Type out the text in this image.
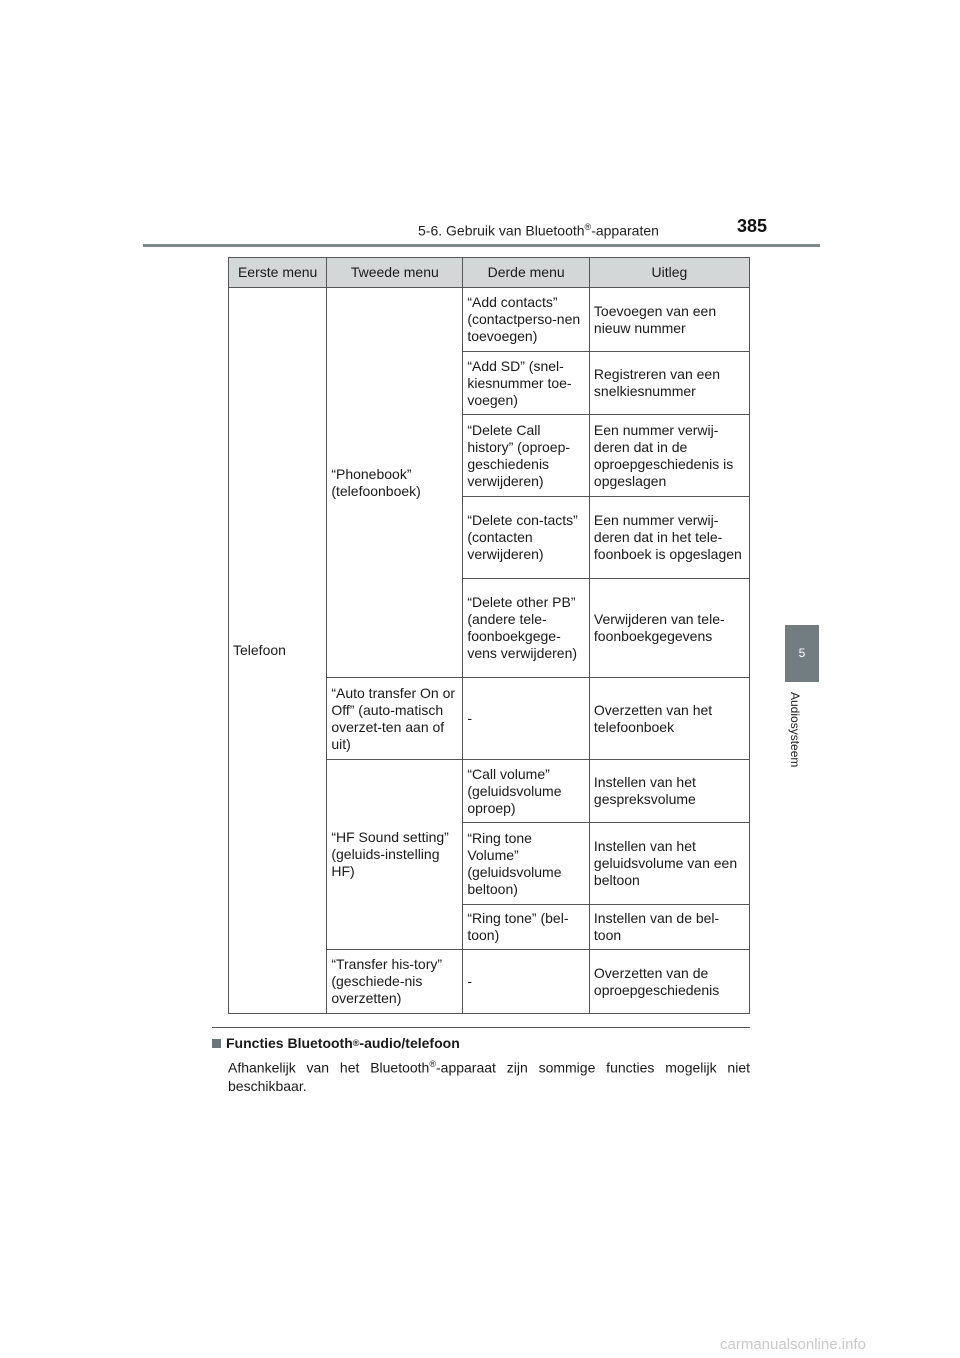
5-6. Gebruik van Bluetooth®-apparaten	385
5
Audiosysteem
Eerste menu	Tweede menu	Derde menu	Uitleg
Telefoon	“Phonebook” (telefoonboek)	“Add contacts” (contactperso-nen toevoegen)	Toevoegen van een nieuw nummer
		“Add SD” (snel-kiesnummer toe-voegen)	Registreren van een snelkiesnummer
		“Delete Call history” (oproep-geschiedenis verwijderen)	Een nummer verwij-deren dat in de oproepgeschiedenis is opgeslagen
		“Delete con-tacts” (contacten verwijderen)	Een nummer verwij-deren dat in het tele-foonboek is opgeslagen
		“Delete other PB” (andere tele-foonboekgege-vens verwijderen)	Verwijderen van tele-foonboekgegevens
	“Auto transfer On or Off” (auto-matisch overzet-ten aan of uit)	-	Overzetten van het telefoonboek
	“HF Sound setting” (geluids-instelling HF)	“Call volume” (geluidsvolume oproep)	Instellen van het gespreksvolume
		“Ring tone Volume” (geluidsvolume beltoon)	Instellen van het geluidsvolume van een beltoon
		“Ring tone” (bel-toon)	Instellen van de bel-toon
	“Transfer his-tory” (geschiede-nis overzetten)	-	Overzetten van de oproepgeschiedenis
Functies Bluetooth ® -audio/telefoon
Afhankelijk van het Bluetooth®-apparaat zijn sommige functies mogelijk niet beschikbaar.
carmanualsonline.info
